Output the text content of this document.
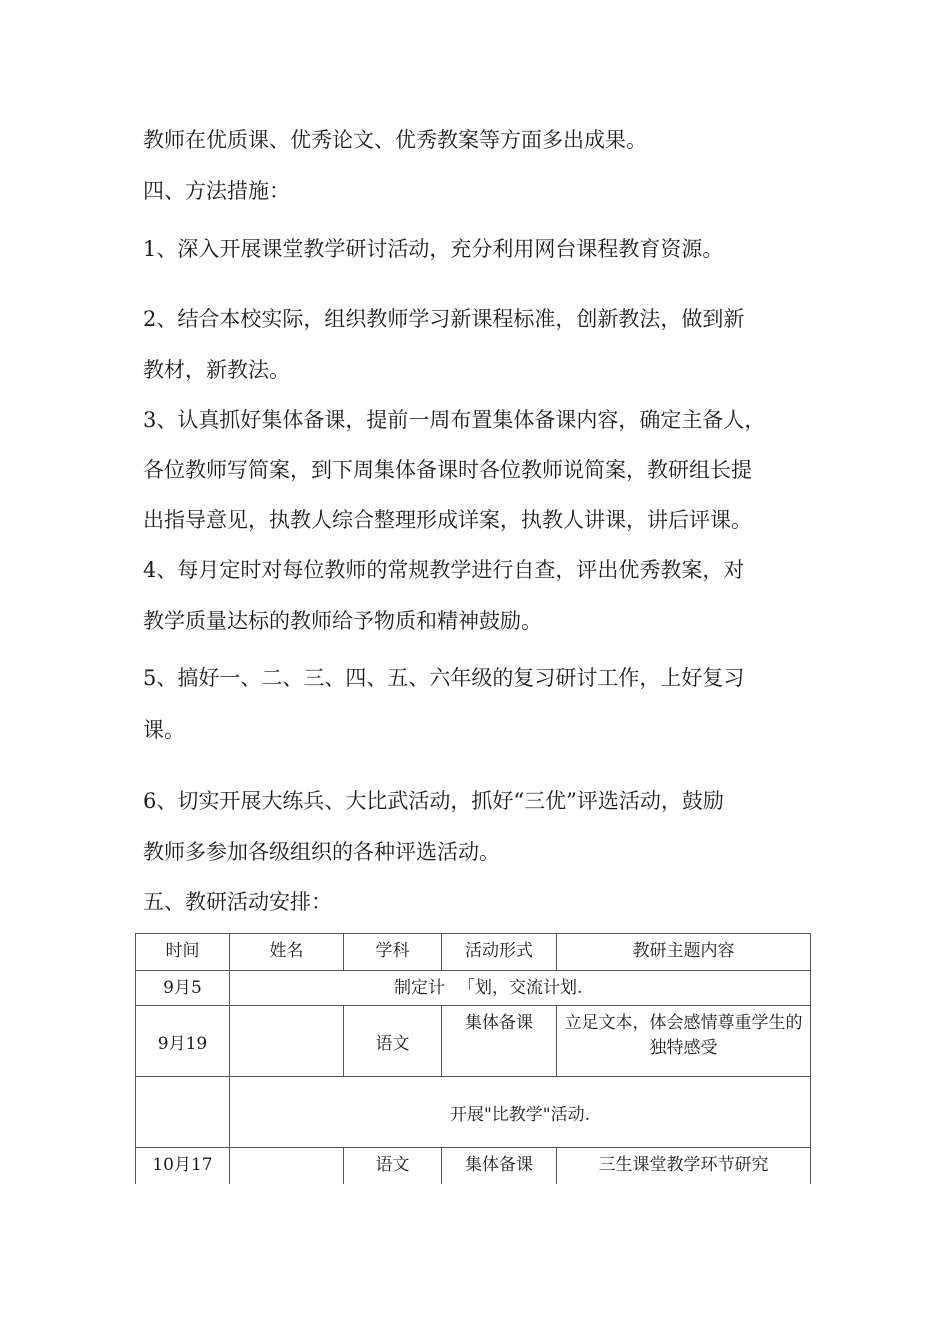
教师在优质课、优秀论文、优秀教案等方面多出成果。
四、方法措施：
1、深入开展课堂教学研讨活动，充分利用网台课程教育资源。
2、结合本校实际，组织教师学习新课程标准，创新教法，做到新
教材，新教法。
3、认真抓好集体备课，提前一周布置集体备课内容，确定主备人，
各位教师写简案，到下周集体备课时各位教师说简案，教研组长提
出指导意见，执教人综合整理形成详案，执教人讲课，讲后评课。
4、每月定时对每位教师的常规教学进行自查，评出优秀教案，对
教学质量达标的教师给予物质和精神鼓励。
5、搞好一、二、三、四、五、六年级的复习研讨工作，上好复习
课。
6、切实开展大练兵、大比武活动，抓好“三优”评选活动，鼓励
教师多参加各级组织的各种评选活动。
五、教研活动安排：
时间	姓名	学科	活动形式	教研主题内容
9月5	制定计 「划，交流计划.			

9月19		语文	集体备课	立足文本，体会感情尊重学生的独特感受
	开展"比教学"活动.			
10月17		语文	集体备课	三生课堂教学环节研究
